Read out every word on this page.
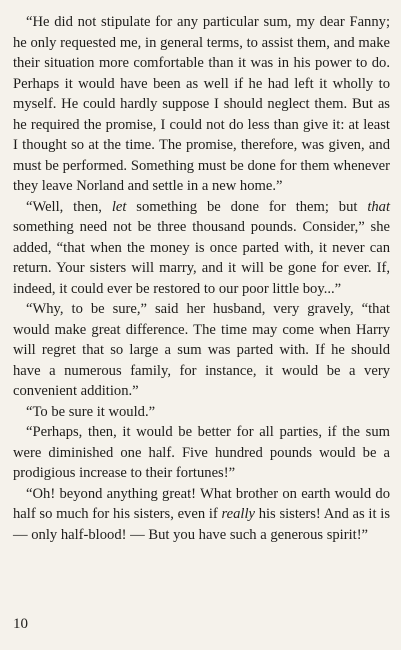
“He did not stipulate for any particular sum, my dear Fanny; he only requested me, in general terms, to assist them, and make their situation more comfortable than it was in his power to do. Perhaps it would have been as well if he had left it wholly to myself. He could hardly suppose I should neglect them. But as he required the promise, I could not do less than give it: at least I thought so at the time. The promise, therefore, was given, and must be performed. Something must be done for them whenever they leave Norland and settle in a new home.”

“Well, then, let something be done for them; but that something need not be three thousand pounds. Consider,” she added, “that when the money is once parted with, it never can return. Your sisters will marry, and it will be gone for ever. If, indeed, it could ever be restored to our poor little boy...”

“Why, to be sure,” said her husband, very gravely, “that would make great difference. The time may come when Harry will regret that so large a sum was parted with. If he should have a numerous family, for instance, it would be a very convenient addition.”

“To be sure it would.”

“Perhaps, then, it would be better for all parties, if the sum were diminished one half. Five hundred pounds would be a prodigious increase to their fortunes!”

“Oh! beyond anything great! What brother on earth would do half so much for his sisters, even if really his sisters! And as it is — only half-blood! — But you have such a generous spirit!”

10
